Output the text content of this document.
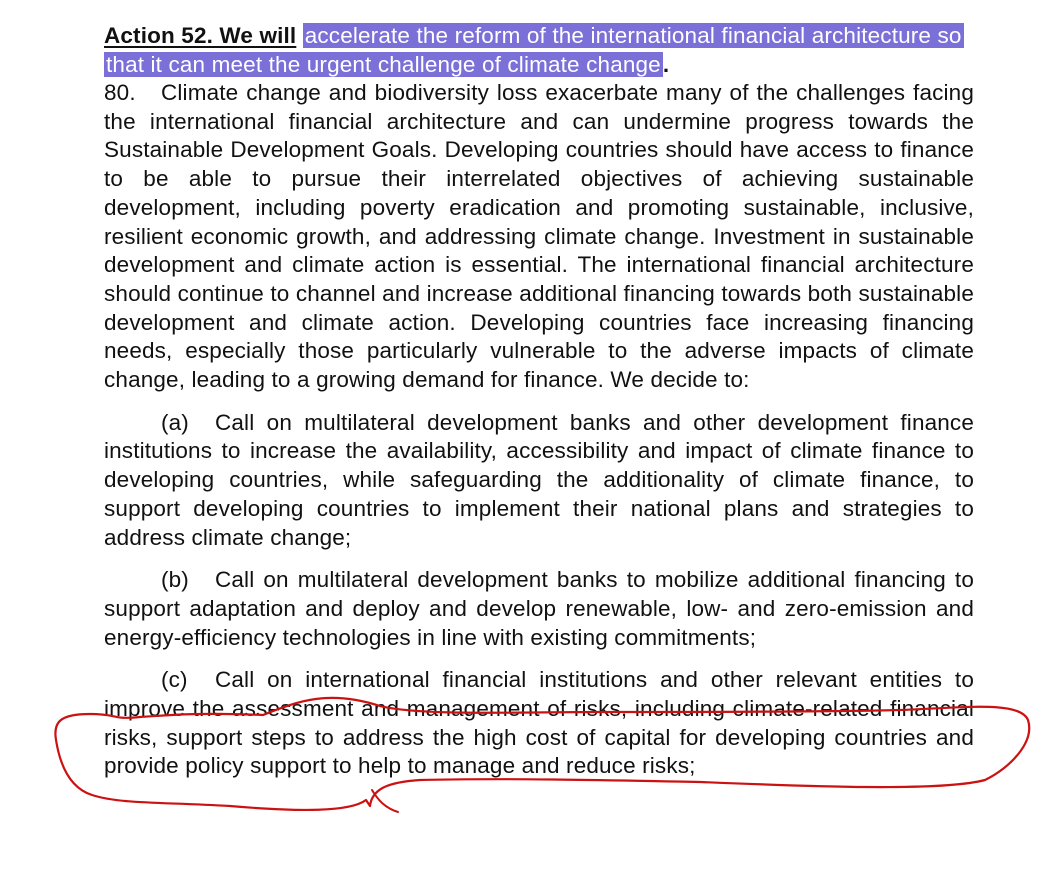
Action 52. We will accelerate the reform of the international financial architecture so that it can meet the urgent challenge of climate change.

80. Climate change and biodiversity loss exacerbate many of the challenges facing the international financial architecture and can undermine progress towards the Sustainable Development Goals. Developing countries should have access to finance to be able to pursue their interrelated objectives of achieving sustainable development, including poverty eradication and promoting sustainable, inclusive, resilient economic growth, and addressing climate change. Investment in sustainable development and climate action is essential. The international financial architecture should continue to channel and increase additional financing towards both sustainable development and climate action. Developing countries face increasing financing needs, especially those particularly vulnerable to the adverse impacts of climate change, leading to a growing demand for finance. We decide to:

(a) Call on multilateral development banks and other development finance institutions to increase the availability, accessibility and impact of climate finance to developing countries, while safeguarding the additionality of climate finance, to support developing countries to implement their national plans and strategies to address climate change;

(b) Call on multilateral development banks to mobilize additional financing to support adaptation and deploy and develop renewable, low- and zero-emission and energy-efficiency technologies in line with existing commitments;

(c) Call on international financial institutions and other relevant entities to improve the assessment and management of risks, including climate-related financial risks, support steps to address the high cost of capital for developing countries and provide policy support to help to manage and reduce risks;
